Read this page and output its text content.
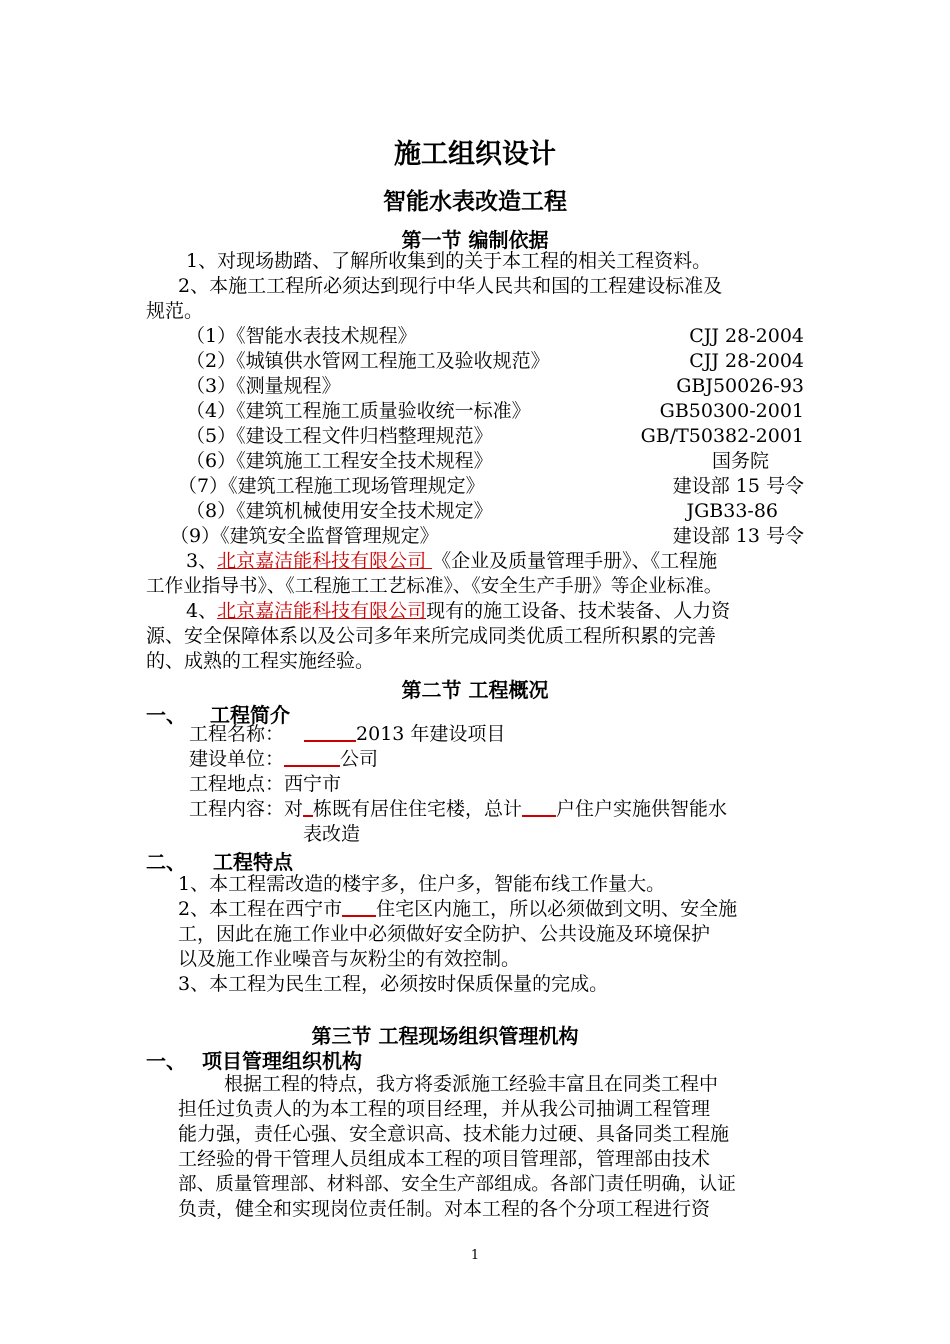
施工组织设计
智能水表改造工程
第一节 编制依据
1、对现场勘踏、了解所收集到的关于本工程的相关工程资料。
2、本施工工程所必须达到现行中华人民共和国的工程建设标准及
规范。
（1）《智能水表技术规程》	CJJ 28-2004
（2）《城镇供水管网工程施工及验收规范》	CJJ 28-2004
（3）《测量规程》	GBJ50026-93
（4）《建筑工程施工质量验收统一标准》	GB50300-2001
（5）《建设工程文件归档整理规范》	GB/T50382-2001
（6）《建筑施工工程安全技术规程》	国务院
（7）《建筑工程施工现场管理规定》	建设部 15 号令
（8）《建筑机械使用安全技术规定》	JGB33-86
（9）《建筑安全监督管理规定》	建设部 13 号令
3、北京嘉洁能科技有限公司 《企业及质量管理手册》、《工程施
工作业指导书》、《工程施工工艺标准》、《安全生产手册》等企业标准。
4、北京嘉洁能科技有限公司现有的施工设备、技术装备、人力资
源、安全保障体系以及公司多年来所完成同类优质工程所积累的完善
的、成熟的工程实施经验。
第二节 工程概况
一、 工程简介
工程名称：	2013 年建设项目
建设单位：	公司
工程地点：西宁市
工程内容：对 栋既有居住住宅楼，总计 户住户实施供智能水
表改造
二、 工程特点
1、本工程需改造的楼宇多，住户多，智能布线工作量大。
2、本工程在西宁市 住宅区内施工，所以必须做到文明、安全施
工，因此在施工作业中必须做好安全防护、公共设施及环境保护
以及施工作业噪音与灰粉尘的有效控制。
3、本工程为民生工程，必须按时保质保量的完成。
第三节 工程现场组织管理机构
一、 项目管理组织机构
根据工程的特点，我方将委派施工经验丰富且在同类工程中
担任过负责人的为本工程的项目经理，并从我公司抽调工程管理
能力强，责任心强、安全意识高、技术能力过硬、具备同类工程施
工经验的骨干管理人员组成本工程的项目管理部，管理部由技术
部、质量管理部、材料部、安全生产部组成。各部门责任明确，认证
负责，健全和实现岗位责任制。对本工程的各个分项工程进行资
1
